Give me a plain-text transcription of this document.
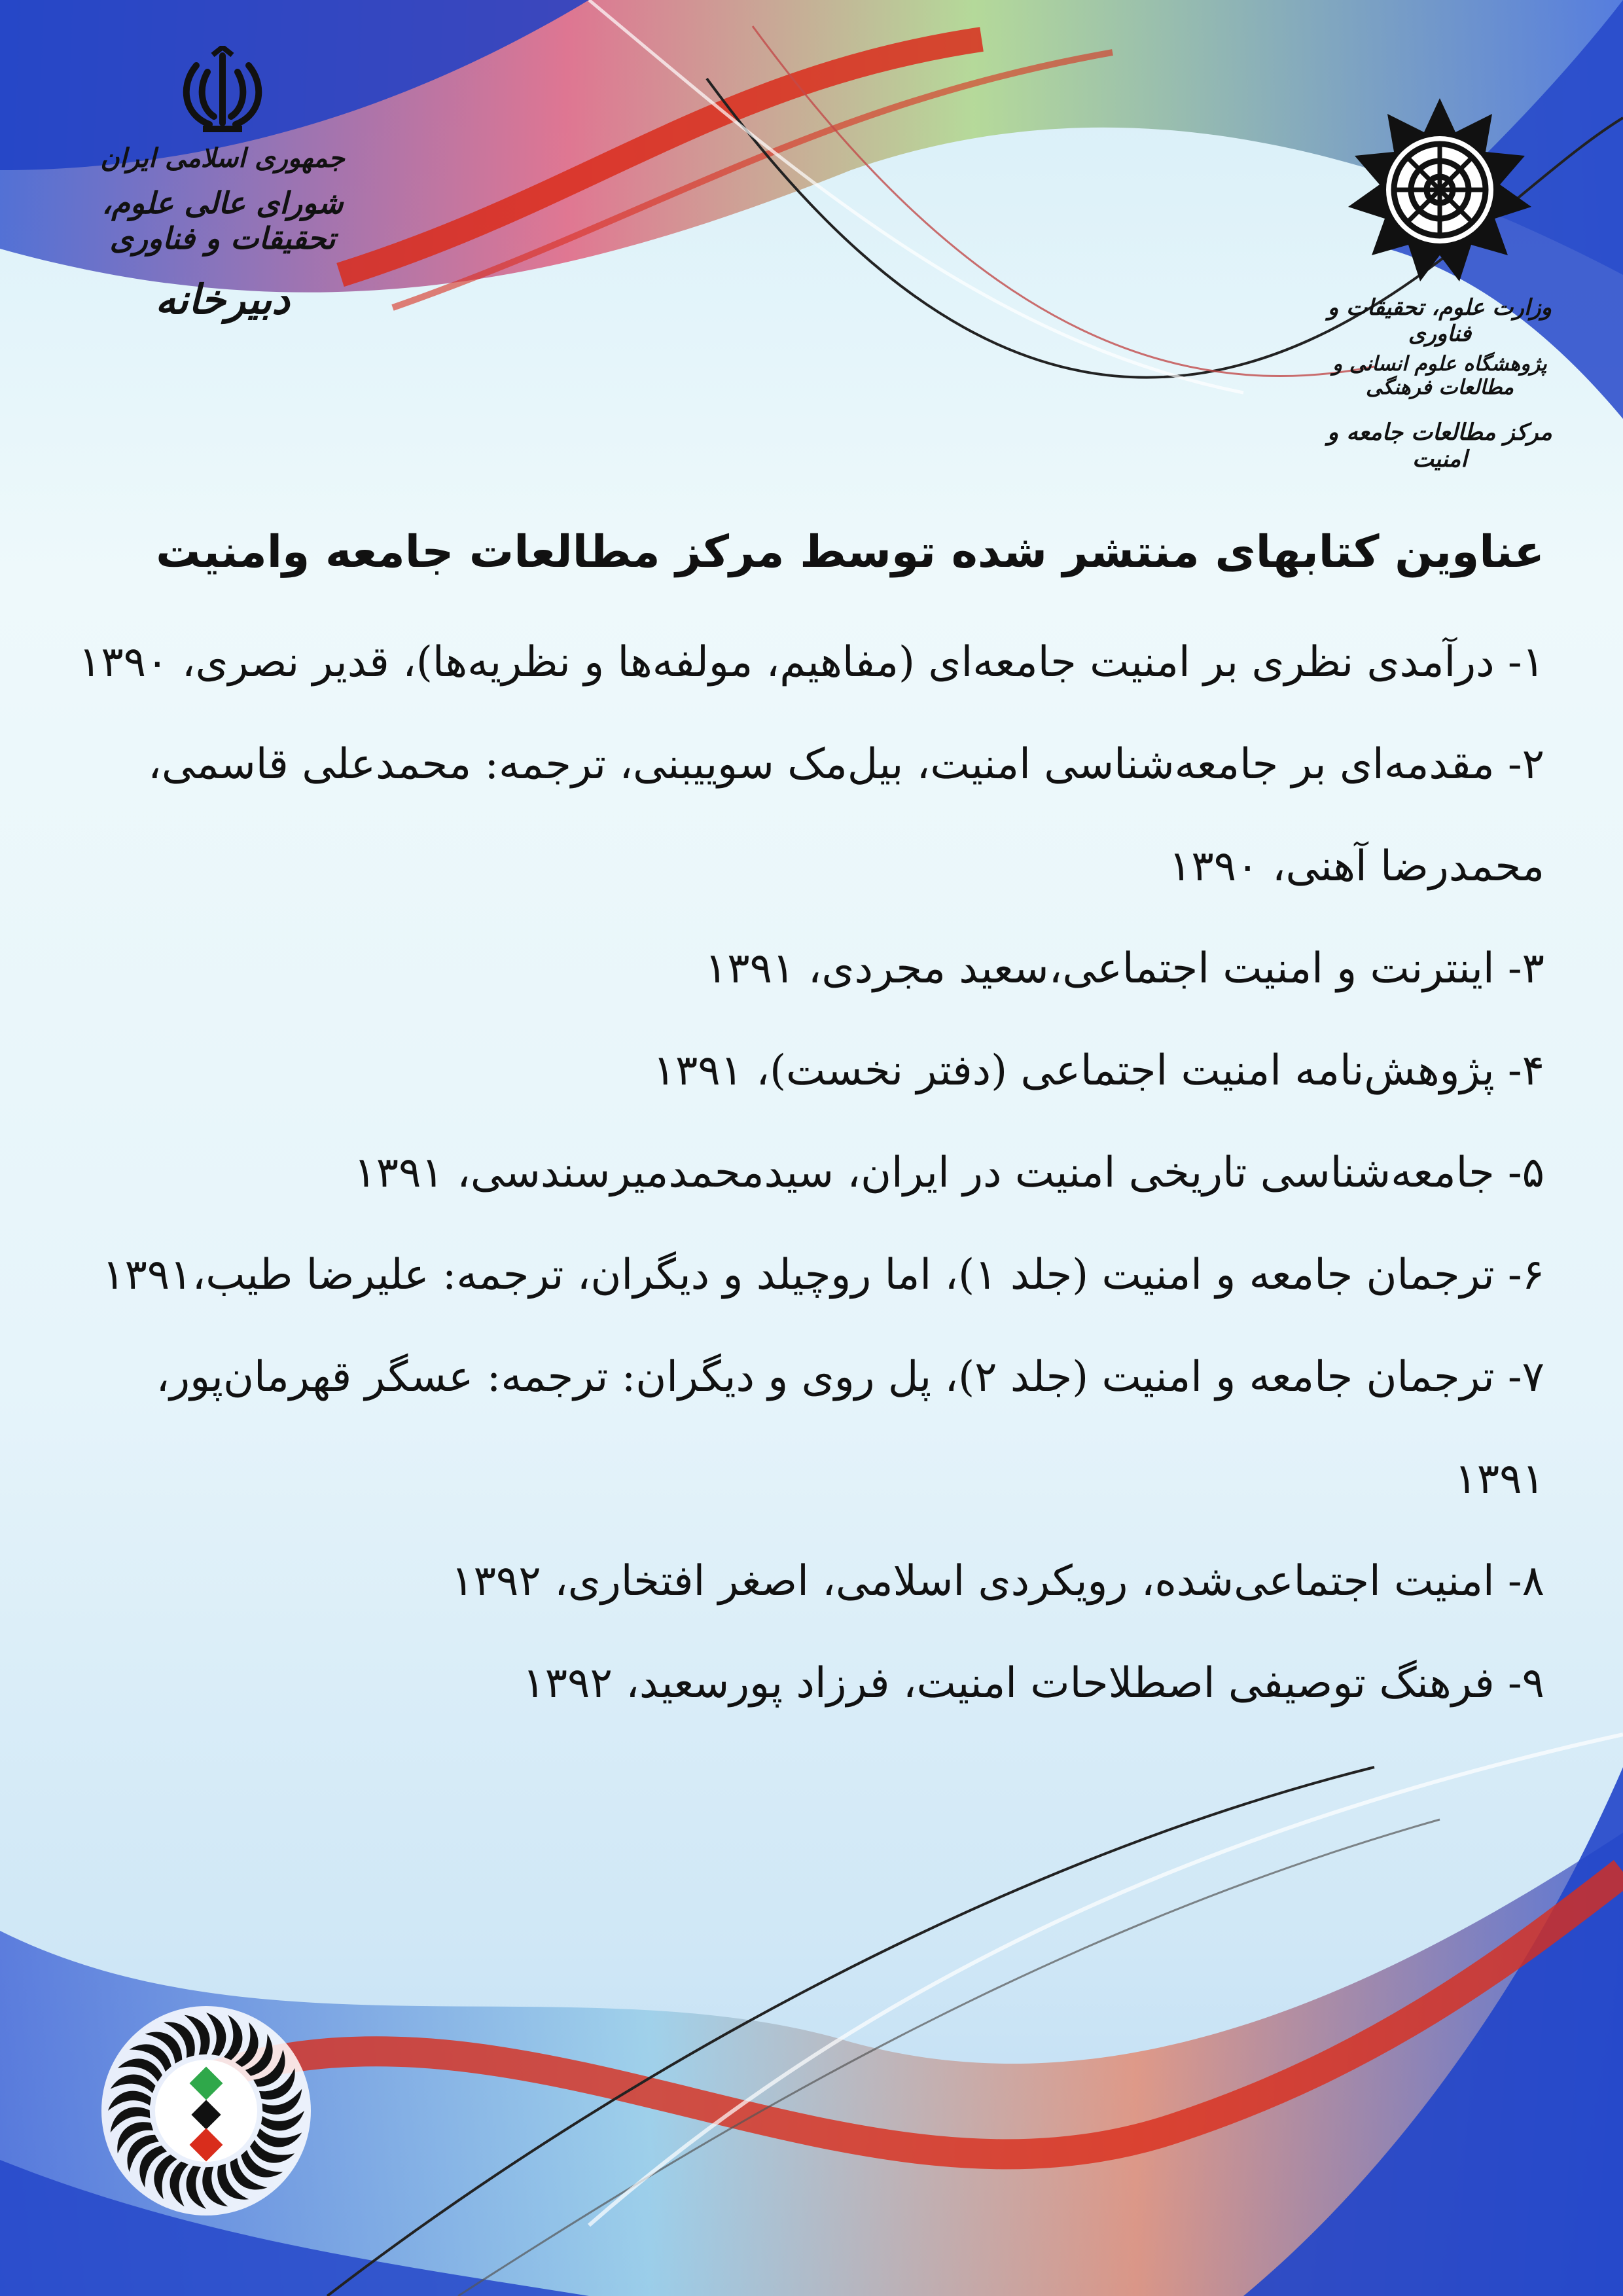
جمهوری اسلامی ایران
شورای عالی علوم، تحقیقات و فناوری
دبیرخانه	وزارت علوم، تحقیقات و فناوری
پژوهشگاه علوم انسانی و مطالعات فرهنگی
مرکز مطالعات جامعه و امنیت
عناوین کتابهای منتشر شده توسط مرکز مطالعات جامعه وامنیت
۱- درآمدی نظری بر امنیت جامعه‌ای (مفاهیم، مولفه‌ها و نظریه‌ها)، قدیر نصری، ۱۳۹۰
۲- مقدمه‌ای بر جامعه‌شناسی امنیت، بیل‌مک سوییبنی، ترجمه: محمدعلی قاسمی،
محمدرضا آهنی، ۱۳۹۰
۳- اینترنت و امنیت اجتماعی،سعید مجردی، ۱۳۹۱
۴- پژوهش‌نامه امنیت اجتماعی (دفتر نخست)، ۱۳۹۱
۵- جامعه‌شناسی تاریخی امنیت در ایران، سیدمحمدمیرسندسی، ۱۳۹۱
۶- ترجمان جامعه و امنیت (جلد ۱)، اما روچیلد و دیگران، ترجمه: علیرضا طیب،۱۳۹۱
۷- ترجمان جامعه و امنیت (جلد ۲)، پل روی و دیگران: ترجمه: عسگر قهرمان‌پور، ۱۳۹۱
۸- امنیت اجتماعی‌شده، رویکردی اسلامی، اصغر افتخاری، ۱۳۹۲
۹- فرهنگ توصیفی اصطلاحات امنیت، فرزاد پورسعید، ۱۳۹۲
